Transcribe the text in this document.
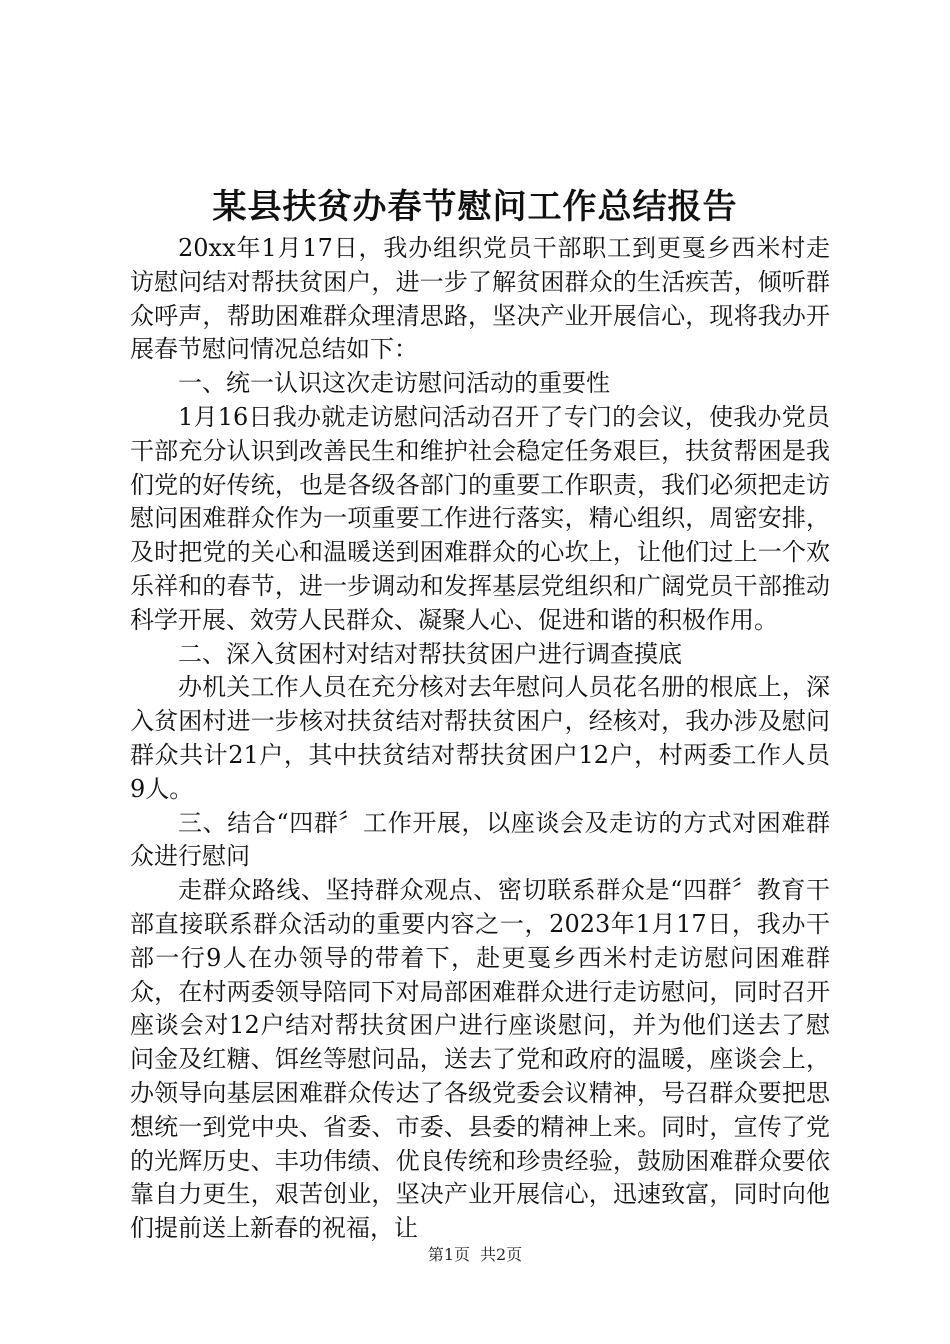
某县扶贫办春节慰问工作总结报告

20xx年1月17日，我办组织党员干部职工到更戛乡西米村走访慰问结对帮扶贫困户，进一步了解贫困群众的生活疾苦，倾听群众呼声，帮助困难群众理清思路，坚决产业开展信心，现将我办开展春节慰问情况总结如下：

一、统一认识这次走访慰问活动的重要性

1月16日我办就走访慰问活动召开了专门的会议，使我办党员干部充分认识到改善民生和维护社会稳定任务艰巨，扶贫帮困是我们党的好传统，也是各级各部门的重要工作职责，我们必须把走访慰问困难群众作为一项重要工作进行落实，精心组织，周密安排，及时把党的关心和温暖送到困难群众的心坎上，让他们过上一个欢乐祥和的春节，进一步调动和发挥基层党组织和广阔党员干部推动科学开展、效劳人民群众、凝聚人心、促进和谐的积极作用。

二、深入贫困村对结对帮扶贫困户进行调查摸底

办机关工作人员在充分核对去年慰问人员花名册的根底上，深入贫困村进一步核对扶贫结对帮扶贫困户，经核对，我办涉及慰问群众共计21户，其中扶贫结对帮扶贫困户12户，村两委工作人员9人。

三、结合“四群〞工作开展，以座谈会及走访的方式对困难群众进行慰问

走群众路线、坚持群众观点、密切联系群众是“四群〞教育干部直接联系群众活动的重要内容之一，2023年1月17日，我办干部一行9人在办领导的带着下，赴更戛乡西米村走访慰问困难群众，在村两委领导陪同下对局部困难群众进行走访慰问，同时召开座谈会对12户结对帮扶贫困户进行座谈慰问，并为他们送去了慰问金及红糖、饵丝等慰问品，送去了党和政府的温暖，座谈会上，办领导向基层困难群众传达了各级党委会议精神，号召群众要把思想统一到党中央、省委、市委、县委的精神上来。同时，宣传了党的光辉历史、丰功伟绩、优良传统和珍贵经验，鼓励困难群众要依靠自力更生，艰苦创业，坚决产业开展信心，迅速致富，同时向他们提前送上新春的祝福，让

第1页 共2页
